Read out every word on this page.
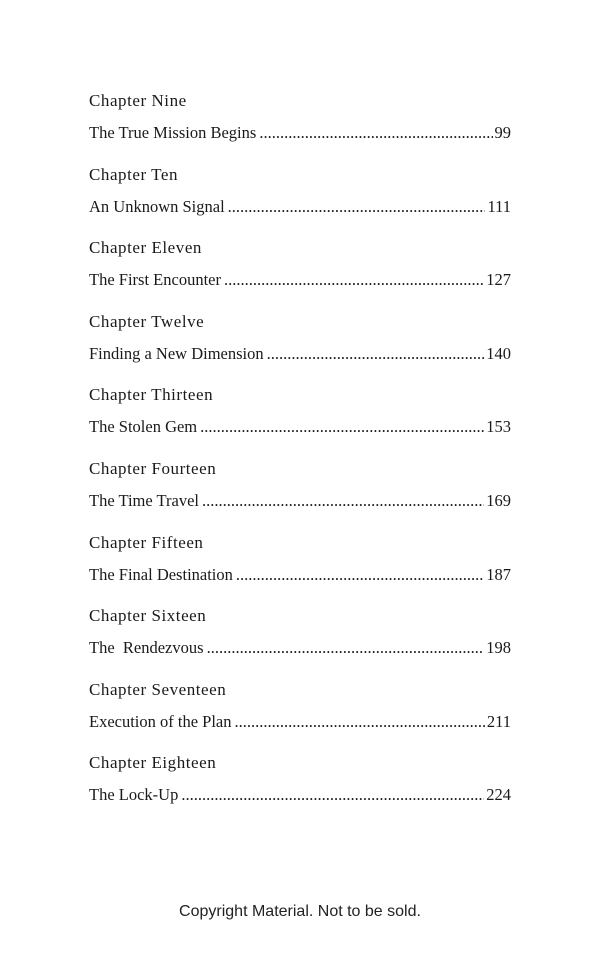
Chapter Nine
The True Mission Begins .....	99
Chapter Ten
An Unknown Signal .....	111
Chapter Eleven
The First Encounter .....	127
Chapter Twelve
Finding a New Dimension .....	140
Chapter Thirteen
The Stolen Gem .....	153
Chapter Fourteen
The Time Travel .....	169
Chapter Fifteen
The Final Destination .....	187
Chapter Sixteen
The  Rendezvous .....	198
Chapter Seventeen
Execution of the Plan .....	211
Chapter Eighteen
The Lock-Up .....	224
Copyright Material. Not to be sold.
